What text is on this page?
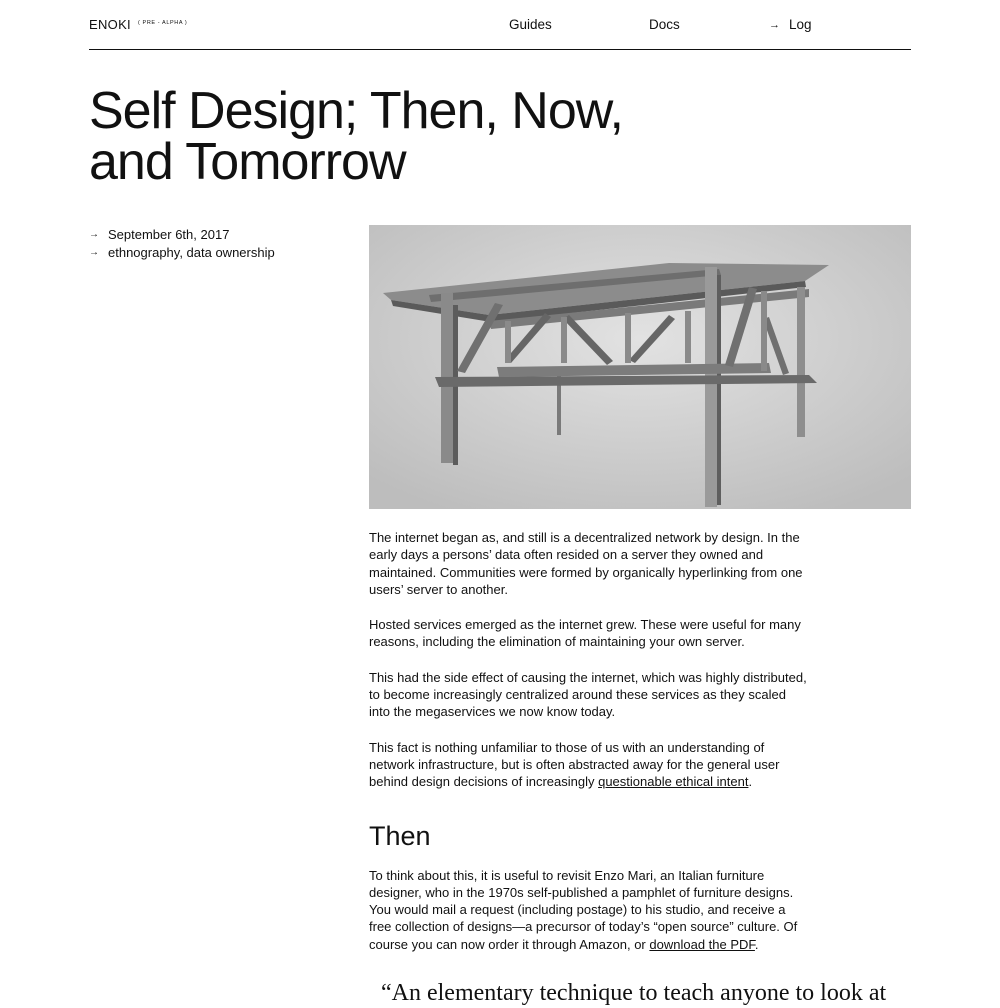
ENOKI ( PRE - ALPHA )	Guides	Docs	→ Log
Self Design; Then, Now, and Tomorrow
→ September 6th, 2017
→ ethnography, data ownership

The internet began as, and still is a decentralized network by design. In the early days a persons’ data often resided on a server they owned and maintained. Communities were formed by organically hyperlinking from one users’ server to another.

Hosted services emerged as the internet grew. These were useful for many reasons, including the elimination of maintaining your own server.

This had the side effect of causing the internet, which was highly distributed, to become increasingly centralized around these services as they scaled into the megaservices we now know today.

This fact is nothing unfamiliar to those of us with an understanding of network infrastructure, but is often abstracted away for the general user behind design decisions of increasingly questionable ethical intent.

Then

To think about this, it is useful to revisit Enzo Mari, an Italian furniture designer, who in the 1970s self-published a pamphlet of furniture designs. You would mail a request (including postage) to his studio, and receive a free collection of designs—a precursor of today’s “open source” culture. Of course you can now order it through Amazon, or download the PDF.

“An elementary technique to teach anyone to look at
